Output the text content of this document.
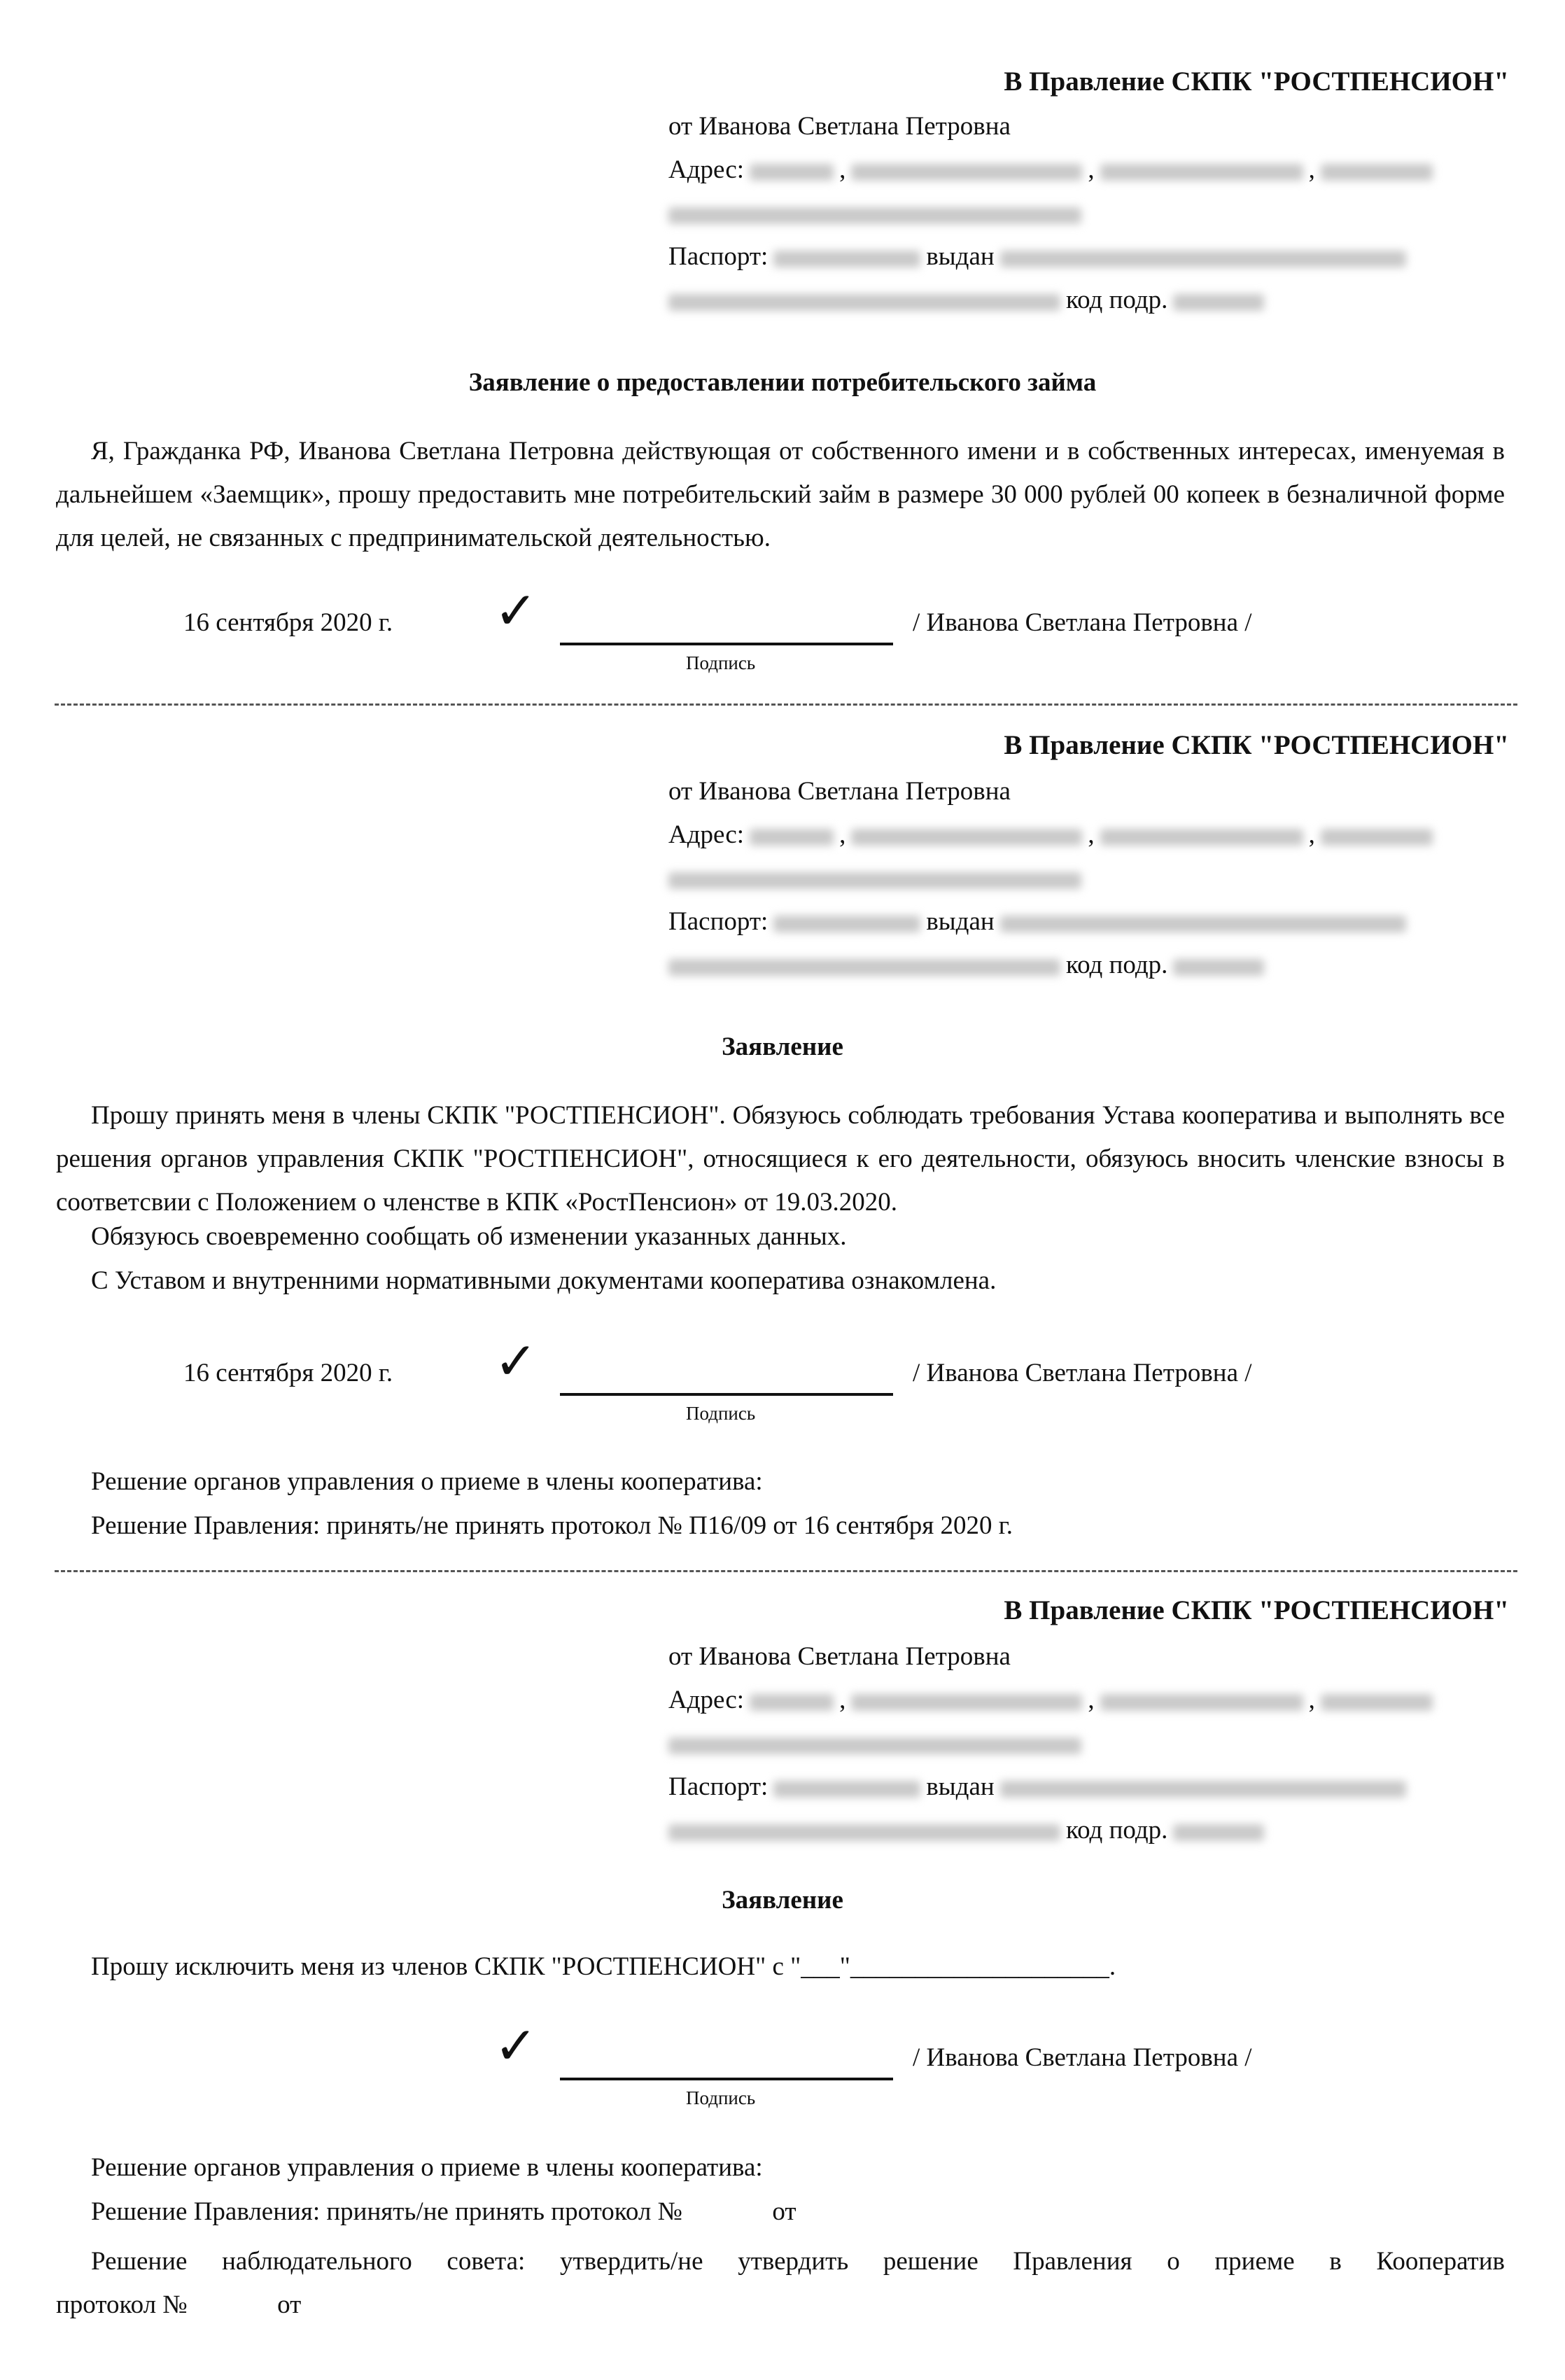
В Правление СКПК "РОСТПЕНСИОН"
от Иванова Светлана Петровна
Адрес:	,	,	,
Паспорт:	выдан
код подр.
Заявление о предоставлении потребительского займа
Я, Гражданка РФ, Иванова Светлана Петровна действующая от собственного имени и в собственных интересах, именуемая в дальнейшем «Заемщик», прошу предоставить мне потребительский займ в размере 30 000 рублей 00 копеек в безналичной форме для целей, не связанных с предпринимательской деятельностью.
16 сентября 2020 г. ✓
Подпись
/ Иванова Светлана Петровна /
В Правление СКПК "РОСТПЕНСИОН"
от Иванова Светлана Петровна
Адрес:	,	,	,
Паспорт:	выдан
код подр.
Заявление
Прошу принять меня в члены СКПК "РОСТПЕНСИОН". Обязуюсь соблюдать требования Устава кооператива и выполнять все решения органов управления СКПК "РОСТПЕНСИОН", относящиеся к его деятельности, обязуюсь вносить членские взносы в соответсвии с Положением о членстве в КПК «РостПенсион» от 19.03.2020.
Обязуюсь своевременно сообщать об изменении указанных данных.
С Уставом и внутренними нормативными документами кооператива ознакомлена.
16 сентября 2020 г. ✓
Подпись
/ Иванова Светлана Петровна /
Решение органов управления о приеме в члены кооператива:
Решение Правления: принять/не принять протокол № П16/09 от 16 сентября 2020 г.
В Правление СКПК "РОСТПЕНСИОН"
от Иванова Светлана Петровна
Адрес:	,	,	,
Паспорт:	выдан
код подр.
Заявление
Прошу исключить меня из членов СКПК "РОСТПЕНСИОН" с "___"____________________.
✓
Подпись
/ Иванова Светлана Петровна /
Решение органов управления о приеме в члены кооператива:
Решение Правления: принять/не принять протокол №	от
Решение наблюдательного совета: утвердить/не утвердить решение Правления о приеме в Кооператив
протокол №	от
